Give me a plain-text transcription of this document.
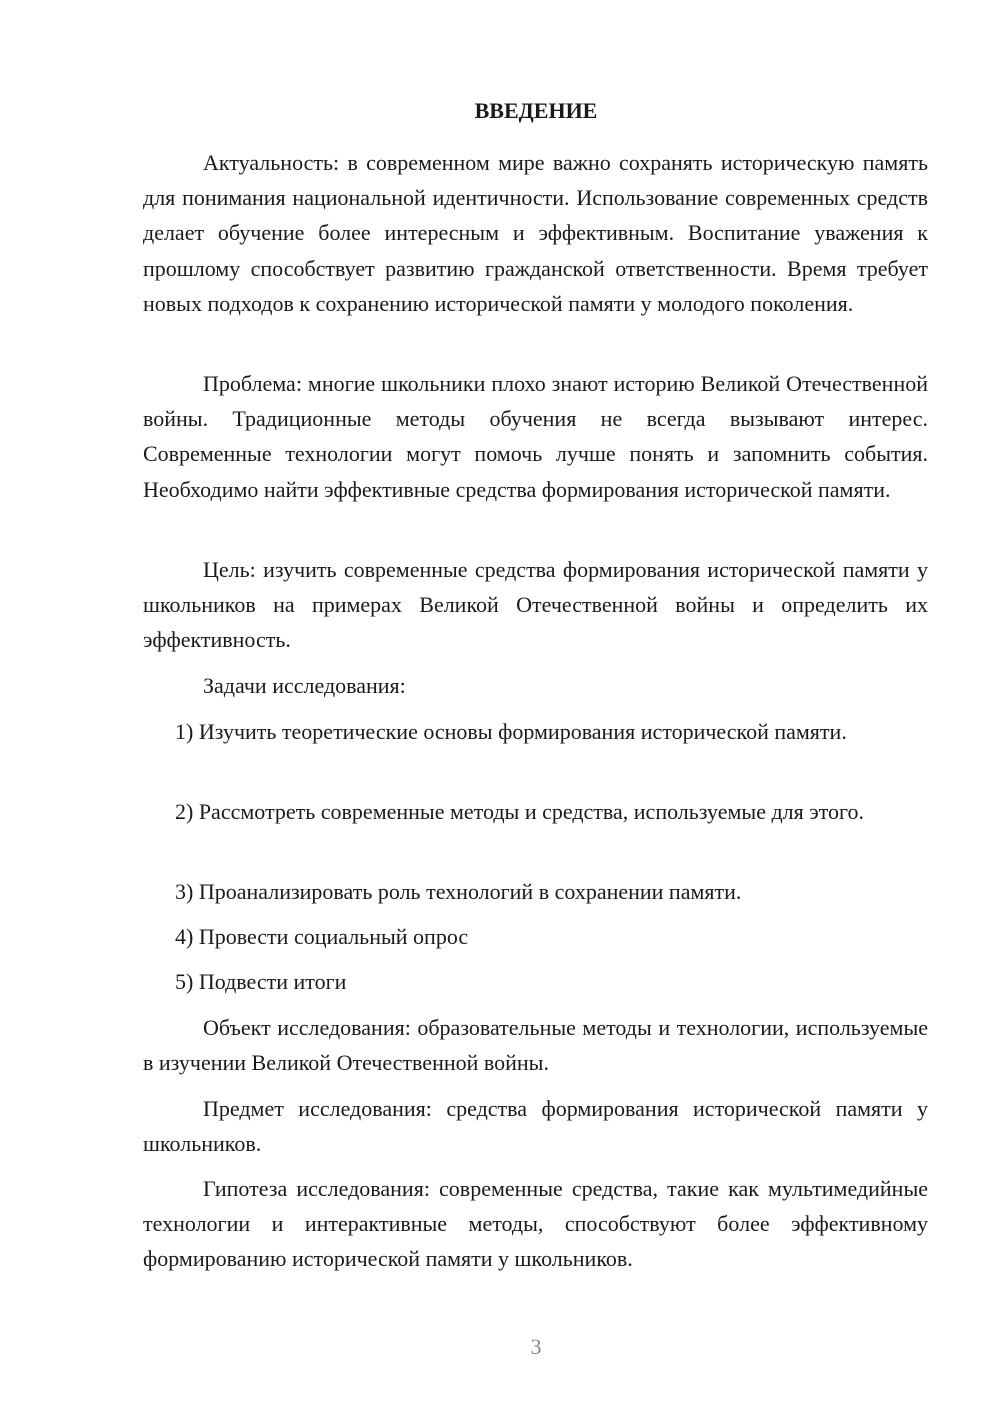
ВВЕДЕНИЕ

Актуальность: в современном мире важно сохранять историческую память для понимания национальной идентичности. Использование современных средств делает обучение более интересным и эффективным. Воспитание уважения к прошлому способствует развитию гражданской ответственности. Время требует новых подходов к сохранению исторической памяти у молодого поколения.

Проблема: многие школьники плохо знают историю Великой Отечественной войны. Традиционные методы обучения не всегда вызывают интерес. Современные технологии могут помочь лучше понять и запомнить события. Необходимо найти эффективные средства формирования исторической памяти.

Цель: изучить современные средства формирования исторической памяти у школьников на примерах Великой Отечественной войны и определить их эффективность.

Задачи исследования:

1) Изучить теоретические основы формирования исторической памяти.

2) Рассмотреть современные методы и средства, используемые для этого.

3) Проанализировать роль технологий в сохранении памяти.

4) Провести социальный опрос

5) Подвести итоги

Объект исследования: образовательные методы и технологии, используемые в изучении Великой Отечественной войны.

Предмет исследования: средства формирования исторической памяти у школьников.

Гипотеза исследования: современные средства, такие как мультимедийные технологии и интерактивные методы, способствуют более эффективному формированию исторической памяти у школьников.

3
